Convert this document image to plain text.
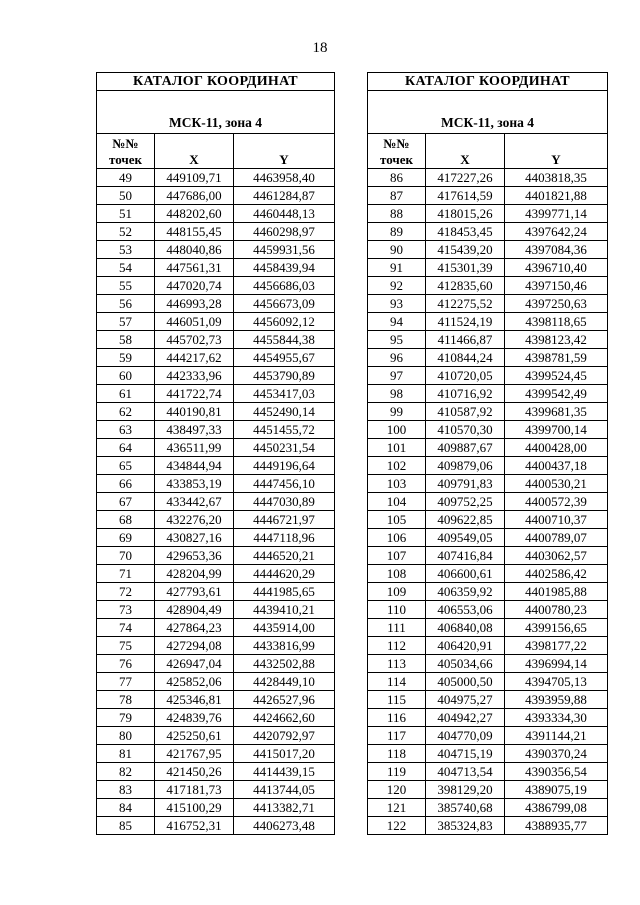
18
КАТАЛОГ КООРДИНАТ		
МСК-11, зона 4		
№№
точек	X	Y
49	449109,71	4463958,40
50	447686,00	4461284,87
51	448202,60	4460448,13
52	448155,45	4460298,97
53	448040,86	4459931,56
54	447561,31	4458439,94
55	447020,74	4456686,03
56	446993,28	4456673,09
57	446051,09	4456092,12
58	445702,73	4455844,38
59	444217,62	4454955,67
60	442333,96	4453790,89
61	441722,74	4453417,03
62	440190,81	4452490,14
63	438497,33	4451455,72
64	436511,99	4450231,54
65	434844,94	4449196,64
66	433853,19	4447456,10
67	433442,67	4447030,89
68	432276,20	4446721,97
69	430827,16	4447118,96
70	429653,36	4446520,21
71	428204,99	4444620,29
72	427793,61	4441985,65
73	428904,49	4439410,21
74	427864,23	4435914,00
75	427294,08	4433816,99
76	426947,04	4432502,88
77	425852,06	4428449,10
78	425346,81	4426527,96
79	424839,76	4424662,60
80	425250,61	4420792,97
81	421767,95	4415017,20
82	421450,26	4414439,15
83	417181,73	4413744,05
84	415100,29	4413382,71
85	416752,31	4406273,48
КАТАЛОГ КООРДИНАТ		
МСК-11, зона 4		
№№
точек	X	Y
86	417227,26	4403818,35
87	417614,59	4401821,88
88	418015,26	4399771,14
89	418453,45	4397642,24
90	415439,20	4397084,36
91	415301,39	4396710,40
92	412835,60	4397150,46
93	412275,52	4397250,63
94	411524,19	4398118,65
95	411466,87	4398123,42
96	410844,24	4398781,59
97	410720,05	4399524,45
98	410716,92	4399542,49
99	410587,92	4399681,35
100	410570,30	4399700,14
101	409887,67	4400428,00
102	409879,06	4400437,18
103	409791,83	4400530,21
104	409752,25	4400572,39
105	409622,85	4400710,37
106	409549,05	4400789,07
107	407416,84	4403062,57
108	406600,61	4402586,42
109	406359,92	4401985,88
110	406553,06	4400780,23
111	406840,08	4399156,65
112	406420,91	4398177,22
113	405034,66	4396994,14
114	405000,50	4394705,13
115	404975,27	4393959,88
116	404942,27	4393334,30
117	404770,09	4391144,21
118	404715,19	4390370,24
119	404713,54	4390356,54
120	398129,20	4389075,19
121	385740,68	4386799,08
122	385324,83	4388935,77
